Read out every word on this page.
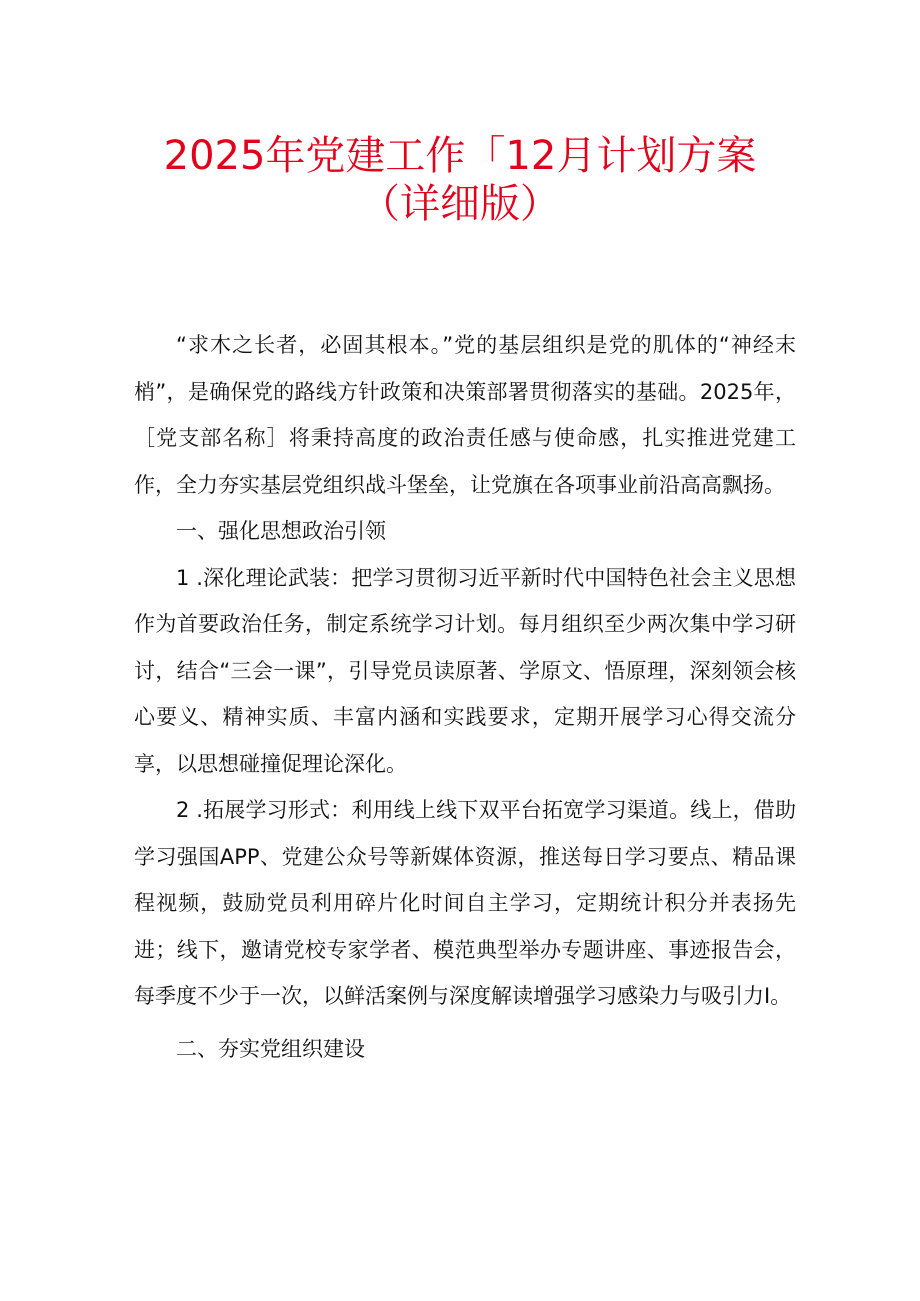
2025年党建工作「12月计划方案
（详细版）

“求木之长者，必固其根本。”党的基层组织是党的肌体的“神经末梢”，是确保党的路线方针政策和决策部署贯彻落实的基础。2025年，［党支部名称］将秉持高度的政治责任感与使命感，扎实推进党建工作，全力夯实基层党组织战斗堡垒，让党旗在各项事业前沿高高飘扬。

一、强化思想政治引领

1 .深化理论武装：把学习贯彻习近平新时代中国特色社会主义思想作为首要政治任务，制定系统学习计划。每月组织至少两次集中学习研讨，结合“三会一课”，引导党员读原著、学原文、悟原理，深刻领会核心要义、精神实质、丰富内涵和实践要求，定期开展学习心得交流分享，以思想碰撞促理论深化。

2 .拓展学习形式：利用线上线下双平台拓宽学习渠道。线上，借助学习强国APP、党建公众号等新媒体资源，推送每日学习要点、精品课程视频，鼓励党员利用碎片化时间自主学习，定期统计积分并表扬先进；线下，邀请党校专家学者、模范典型举办专题讲座、事迹报告会，每季度不少于一次，以鲜活案例与深度解读增强学习感染力与吸引力I。

二、夯实党组织建设
